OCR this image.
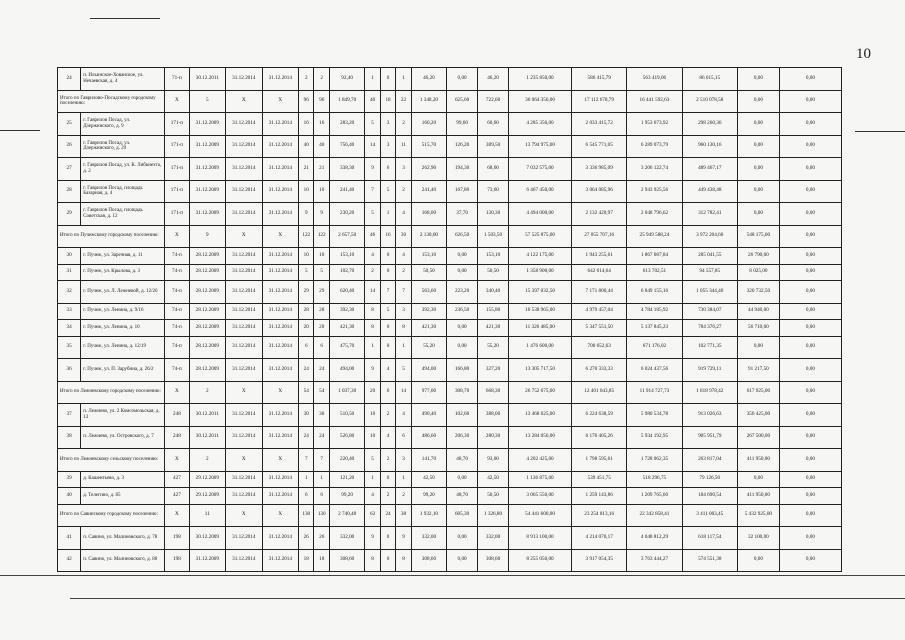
10
24	п. Ильинское-Хованское, ул. Нечаевская, д. 4	71-п	30.12.2011	31.12.2014	31.12.2014	2	2	92,40	1	0	1	46,20	0,00	46,20	1 235 850,00	586 415,79	563 419,06	86 015,15	0,00	0,00
Итого по Гаврилово-Посадскому городскому поселению:		X	5	X	X	96	96	1 849,70	40	18	22	1 348,20	625,60	722,60	36 064 350,00	17 112 678,79	16 441 592,63	2 510 078,58	0,00	0,00
25	г. Гаврилов Посад, ул. Дзержинского, д. 9	171-п	31.12.2009	31.12.2014	31.12.2014	16	16	283,20	5	3	2	160,20	99,60	60,60	4 285 350,00	2 033 415,72	1 953 673,92	298 260,36	0,00	0,00
26	г. Гаврилов Посад, ул. Дзержинского, д. 29	171-п	31.12.2009	31.12.2014	31.12.2014	40	40	756,40	14	3	11	515,70	126,20	389,50	13 794 975,00	6 545 771,05	6 289 073,79	960 130,16	0,00	0,00
27	г. Гаврилов Посад, ул. К. Либкнехта, д. 2	171-п	31.12.2009	31.12.2014	31.12.2014	21	21	338,30	9	6	3	262,90	194,30	68,60	7 032 575,00	3 336 985,09	3 206 122,74	489 467,17	0,00	0,00
28	г. Гаврилов Посад, площадь Базарная, д. 4	171-п	31.12.2009	31.12.2014	31.12.2014	10	10	241,40	7	5	2	241,40	167,80	73,60	6 467 450,00	3 064 085,96	2 943 925,56	449 438,48	0,00	0,00
29	г. Гаврилов Посад, площадь Советская, д. 12	171-п	31.12.2009	31.12.2014	31.12.2014	9	9	230,20	5	1	4	168,00	37,70	130,30	4 494 000,00	2 132 420,97	2 048 796,62	312 782,41	0,00	0,00
Итого по Пучежскому городскому поселению:		X	9	X	X	122	122	2 657,50	46	16	30	2 130,00	626,50	1 503,50	57 525 875,00	27 055 707,16	25 949 588,24	3 972 204,60	548 175,00	0,00
30	г. Пучеж, ул. Заречная, д. 11	74-п	28.12.2009	31.12.2014	31.12.2014	10	10	153,10	4	0	4	153,10	0,00	153,10	4 122 175,00	1 943 255,61	1 867 087,84	285 041,55	26 790,00	0,00
31	г. Пучеж, ул. Крылова, д. 3	74-п	28.12.2009	31.12.2014	31.12.2014	5	5	102,70	2	0	2	50,50	0,00	50,50	1 358 900,00	642 614,64	613 702,51	94 557,85	8 025,00	0,00
32	г. Пучеж, ул. Л. Лежневой, д. 12/26	74-п	28.12.2009	31.12.2014	31.12.2014	29	29	620,40	14	7	7	563,60	223,20	340,40	15 397 032,50	7 171 800,44	6 849 155,16	1 055 344,40	320 732,50	0,00
33	г. Пучеж, ул. Ленина, д. 9/16	74-п	28.12.2009	31.12.2014	31.12.2014	28	28	392,30	8	5	3	392,30	236,50	155,80	10 538 965,00	4 979 457,04	4 784 185,92	730 384,07	44 940,00	0,00
34	г. Пучеж, ул. Ленина, д. 10	74-п	28.12.2009	31.12.2014	31.12.2014	20	20	421,30	8	0	8	421,30	0,00	421,30	11 326 485,00	5 347 551,50	5 137 845,23	784 376,27	56 710,00	0,00
35	г. Пучеж, ул. Ленина, д. 12/19	74-п	28.12.2009	31.12.2014	31.12.2014	6	6	475,70	1	0	1	55,20	0,00	55,20	1 476 600,00	700 652,63	671 176,02	102 771,35	0,00	0,00
36	г. Пучеж, ул. П. Зарубина, д. 26/2	74-п	28.12.2009	31.12.2014	31.12.2014	24	24	494,00	9	4	5	494,00	166,80	327,20	13 305 717,50	6 270 333,33	6 024 437,56	919 729,11	91 217,50	0,00
Итого по Лежневскому городскому поселению:		X	2	X	X	54	54	1 037,30	20	6	14	977,00	308,70	668,30	26 752 675,00	12 401 043,85	11 914 727,73	1 818 978,42	617 925,00	0,00
37	п. Лежнево, ул. 2 Комсомольская, д. 13	248	30.12.2011	31.12.2014	31.12.2014	30	30	510,50	10	2	4	490,40	102,60	388,00	13 468 625,00	6 224 638,59	5 980 534,78	913 026,63	350 425,00	0,00
38	п. Лежнево, ул. Островского, д. 7	248	30.12.2011	31.12.2014	31.12.2014	24	24	526,80	10	4	6	486,60	206,30	280,30	13 284 050,00	6 176 405,26	5 934 192,95	905 951,79	267 500,00	0,00
Итого по Лежневскому сельскому поселению:		X	2	X	X	7	7	220,40	5	2	3	141,70	48,70	93,00	4 202 425,00	1 798 595,61	1 728 062,35	263 817,04	411 950,00	0,00
39	д. Кашентьево, д. 3	427	29.12.2009	31.12.2014	31.12.2014	1	1	121,20	1	0	1	42,50	0,00	42,50	1 136 875,00	539 451,75	518 296,75	79 126,50	0,00	0,00
40	д. Телегино, д. 85	427	29.12.2009	31.12.2014	31.12.2014	6	6	99,20	4	2	2	99,20	48,70	50,50	3 065 550,00	1 259 143,86	1 209 765,60	184 690,54	411 950,00	0,00
Итого по Савинскому городскому поселению:		X	11	X	X	130	130	2 740,48	62	24	38	1 932,10	605,30	1 326,80	54 441 600,00	23 254 813,16	22 342 858,41	3 411 003,45	5 432 925,00	0,00
41	п. Савино, ул. Малиновского, д. 78	198	30.12.2009	31.12.2014	31.12.2014	26	26	332,00	9	0	9	332,00	0,00	332,00	8 913 100,00	4 214 070,17	4 048 812,29	618 117,54	32 100,00	0,00
42	п. Савино, ул. Малиновского, д. 80	198	31.12.2009	31.12.2014	31.12.2014	18	18	308,60	8	0	8	308,60	0,00	308,60	8 255 050,00	3 917 054,35	3 763 444,27	574 551,38	0,00	0,00
